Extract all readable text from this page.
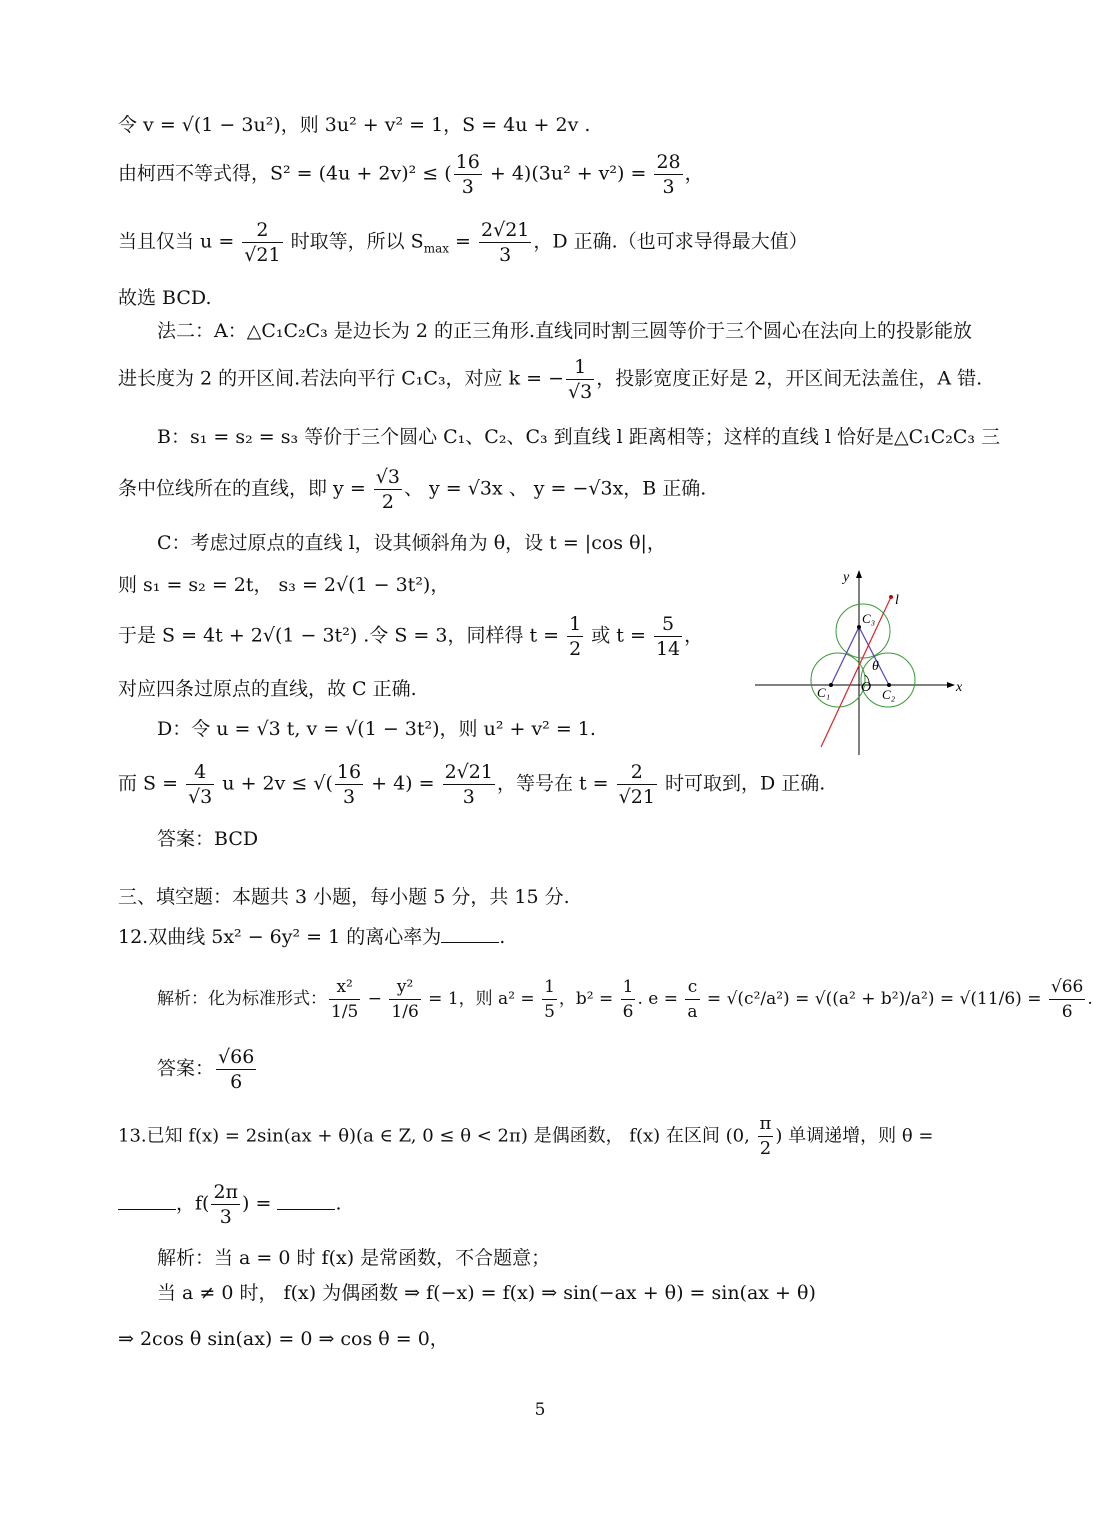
令 v = √(1 − 3u²)，则 3u² + v² = 1，S = 4u + 2v .
由柯西不等式得，S² = (4u + 2v)² ≤ ( $\frac{16}{3} + 4)(3u^2 + v^2) = \frac{28}{3}$ ，
当且仅当 $u = \frac{2}{√21}$ 时取等，所以 $S_{max} = \frac{2√21}{3}$ ，D 正确.（也可求导得最大值）
故选 BCD.
法二：A：△C₁C₂C₃ 是边长为 2 的正三角形.直线同时割三圆等价于三个圆心在法向上的投影能放
进长度为 2 的开区间.若法向平行 C₁C₃，对应 k = − $\frac{1}{√3}$ ，投影宽度正好是 2，开区间无法盖住，A 错.
B：s₁ = s₂ = s₃ 等价于三个圆心 C₁、C₂、C₃ 到直线 l 距离相等；这样的直线 l 恰好是△C₁C₂C₃ 三
条中位线所在的直线，即 $y = \frac{√3}{2}$ 、 y = √3x 、 y = −√3x，B 正确.
C：考虑过原点的直线 l，设其倾斜角为 θ，设 t = |cos θ|，
则 s₁ = s₂ = 2t， s₃ = 2√(1 − 3t²)，
于是 S = 4t + 2√(1 − 3t²) .令 S = 3，同样得 $t = \frac{1}{2}$ 或 $t = \frac{5}{14}$ ，
对应四条过原点的直线，故 C 正确.
D：令 u = √3 t, v = √(1 − 3t²)，则 u² + v² = 1.
而 $S = \frac{4}{√3}$ u + 2v ≤ √( $\frac{16}{3} + 4) = \frac{2√21}{3}$ ，等号在 $t = \frac{2}{√21}$ 时可取到，D 正确.
答案：BCD
三、填空题：本题共 3 小题，每小题 5 分，共 15 分.
12.双曲线 5x² − 6y² = 1 的离心率为	.
解析：化为标准形式： $\frac{\text{x²}}{1/5} - \frac{\text{y²}}{1/6} = 1$，则 $a^2 = \frac{1}{5}$ ，$b^2 = \frac{1}{6}$ . $e = \frac{c}{a} = √(c^2/a^2) = √((a^2 + b^2)/a^2) = √(11/6) = \frac{√66}{6}$ .
答案： $\frac{√66}{6}$
13.已知 f(x) = 2sin(ax + θ)(a ∈ Z, 0 ≤ θ < 2π) 是偶函数， f(x) 在区间 (0, $\frac{\pi}{2}$ ) 单调递增，则 θ =
，$f( \frac{2\pi}{3}$ ) =	.
解析：当 a = 0 时 f(x) 是常函数，不合题意；
当 a ≠ 0 时， f(x) 为偶函数 ⇒ f(−x) = f(x) ⇒ sin(−ax + θ) = sin(ax + θ)
⇒ 2cos θ sin(ax) = 0 ⇒ cos θ = 0，
5
x
y
l
O
θ
C₁	C₂
C₃
